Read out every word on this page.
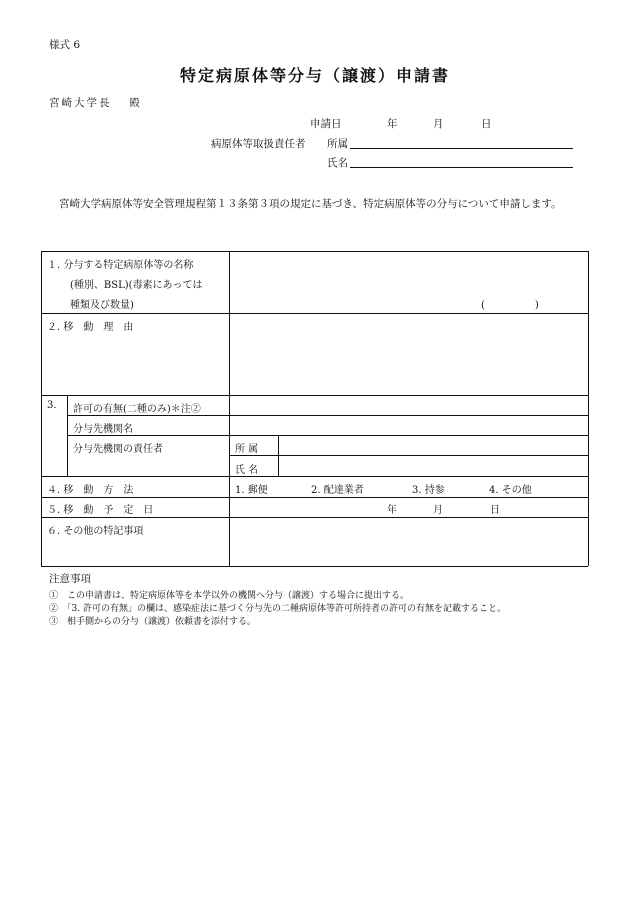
様式 6
特定病原体等分与（譲渡）申請書
宮崎大学長　 殿
申請日	年	月	日
病原体等取扱責任者 所属
氏名
宮崎大学病原体等安全管理規程第１３条第３項の規定に基づき、特定病原体等の分与について申請します。
１. 分与する特定病原体等の名称
(種別、BSL)(毒素にあっては
種類及び数量)	(　　　　　)
２. 移　動　理　由
3. 許可の有無(二種のみ)＊注②
分与先機関名
分与先機関の責任者	所 属
氏 名
４. 移　動　方　法	1. 郵便	2. 配達業者	3. 持参	4. その他
５. 移　動　予　定　日	年	月	日
６. その他の特記事項
注意事項
①　この申請書は、特定病原体等を本学以外の機関へ分与（譲渡）する場合に提出する。
②　「3. 許可の有無」の欄は、感染症法に基づく分与先の二種病原体等許可所持者の許可の有無を記載すること。
③　相手側からの分与（譲渡）依頼書を添付する。
